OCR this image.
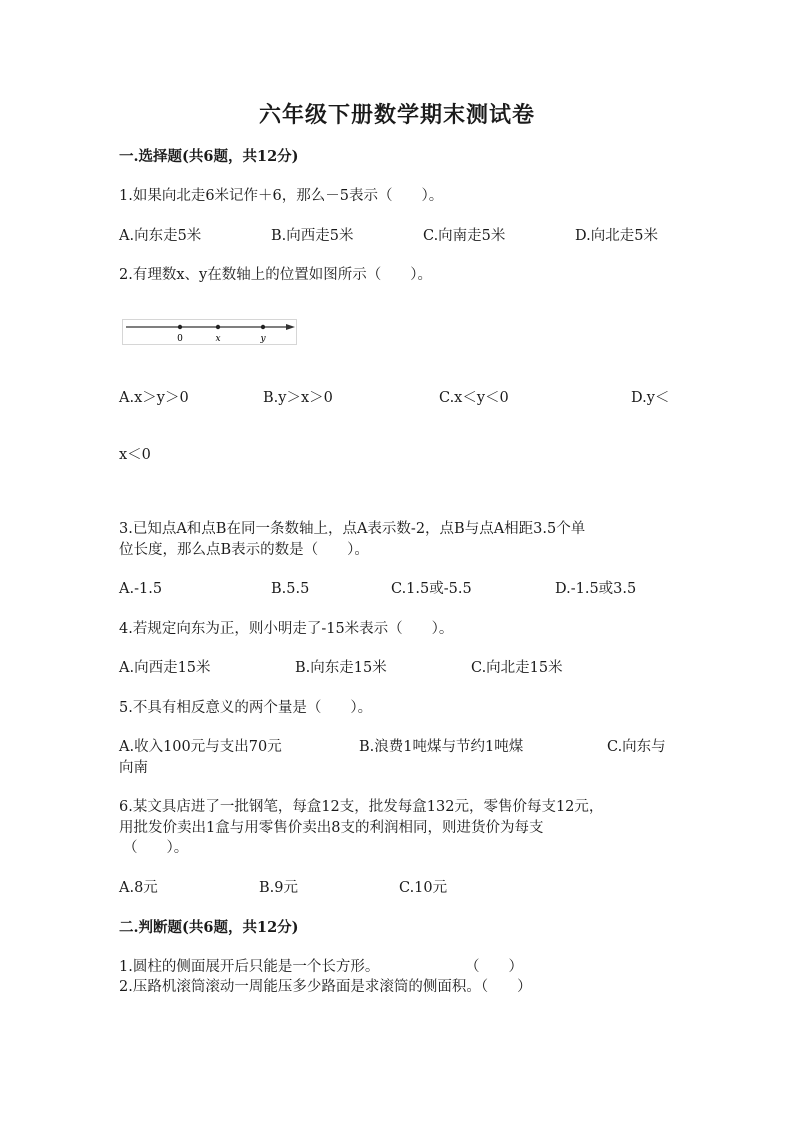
六年级下册数学期末测试卷
一.选择题(共6题，共12分)
1.如果向北走6米记作＋6，那么－5表示（　　）。
A.向东走5米	B.向西走5米	C.向南走5米	D.向北走5米
2.有理数x、y在数轴上的位置如图所示（　　）。
0	x	y
A.x＞y＞0	B.y＞x＞0	C.x＜y＜0	D.y＜
x＜0
3.已知点A和点B在同一条数轴上，点A表示数-2，点B与点A相距3.5个单
位长度，那么点B表示的数是（　　）。
A.-1.5	B.5.5	C.1.5或-5.5	D.-1.5或3.5
4.若规定向东为正，则小明走了-15米表示（　　）。
A.向西走15米	B.向东走15米	C.向北走15米
5.不具有相反意义的两个量是（　　）。
A.收入100元与支出70元	B.浪费1吨煤与节约1吨煤	C.向东与
向南
6.某文具店进了一批钢笔，每盒12支，批发每盒132元，零售价每支12元，
用批发价卖出1盒与用零售价卖出8支的利润相同，则进货价为每支
（　　）。
A.8元	B.9元	C.10元
二.判断题(共6题，共12分)
1.圆柱的侧面展开后只能是一个长方形。	（　　）
2.压路机滚筒滚动一周能压多少路面是求滚筒的侧面积。（　　）
